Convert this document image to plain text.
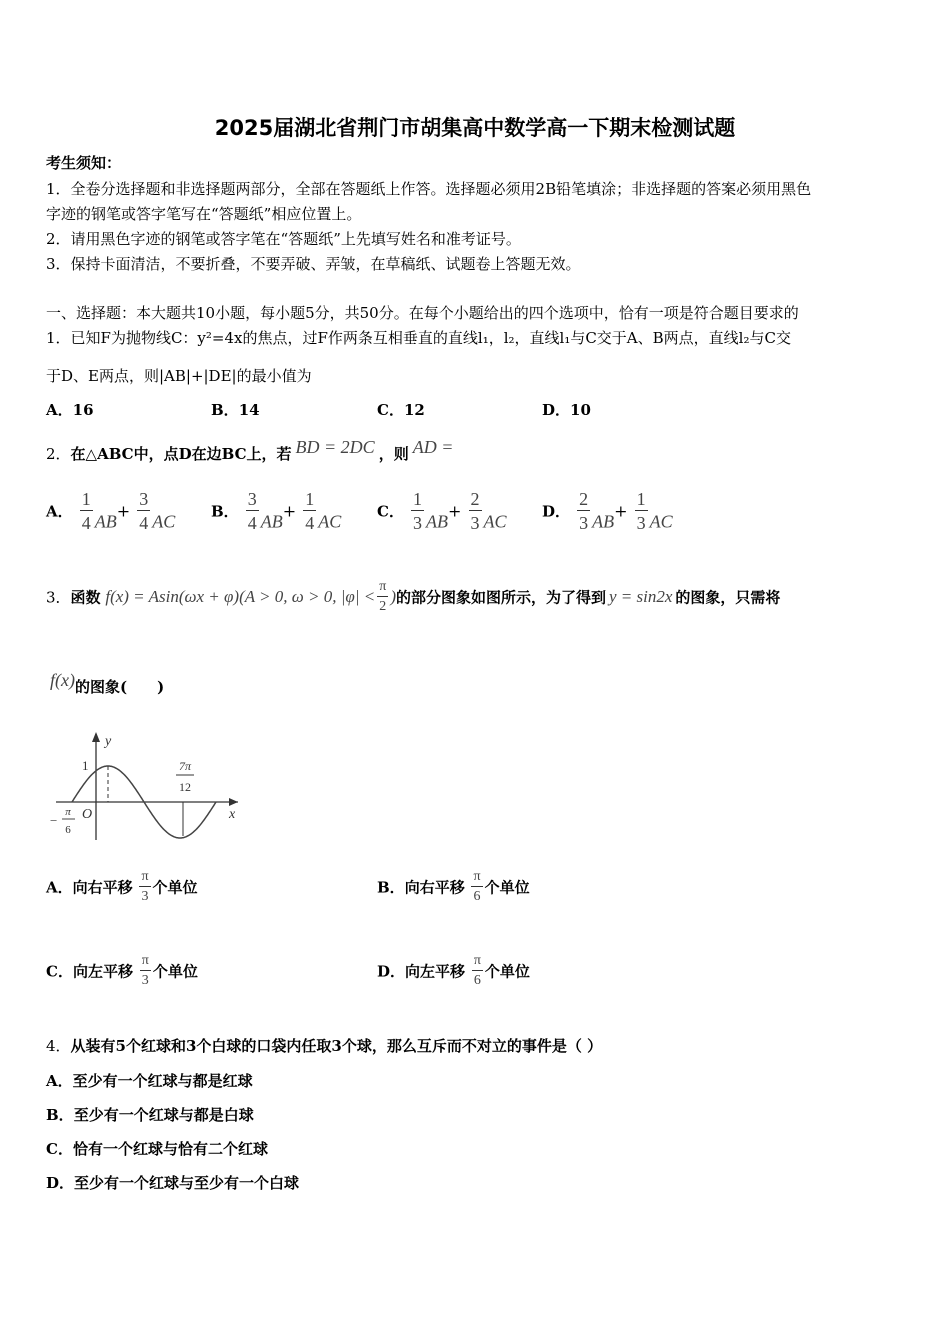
2025届湖北省荆门市胡集高中数学高一下期末检测试题
考生须知：
1．全卷分选择题和非选择题两部分，全部在答题纸上作答。选择题必须用2B铅笔填涂；非选择题的答案必须用黑色
字迹的钢笔或答字笔写在“答题纸”相应位置上。
2．请用黑色字迹的钢笔或答字笔在“答题纸”上先填写姓名和准考证号。
3．保持卡面清洁，不要折叠，不要弄破、弄皱，在草稿纸、试题卷上答题无效。
一、选择题：本大题共10小题，每小题5分，共50分。在每个小题给出的四个选项中，恰有一项是符合题目要求的
1．已知F为抛物线C：y²=4x的焦点，过F作两条互相垂直的直线l₁，l₂，直线l₁与C交于A、B两点，直线l₂与C交
于D、E两点，则|AB|+|DE|的最小值为
A．16	B．14	C．12	D．10
2．在△ABC中，点D在边BC上，若 BD = 2DC ，则 AD =
A． $\frac{1}{4} AB+ \frac{3}{4}$ AC B． $\frac{3}{4} AB+ \frac{1}{4}$ AC C． $\frac{1}{3} AB+ \frac{2}{3}$ AC D． $\frac{2}{3} AB+ \frac{1}{3}$ AC
3．函数 f(x) = Asin(ωx + φ)(A > 0, ω > 0, $|\varphi| < \frac{\pi}{2}$ )的部分图象如图所示，为了得到 y = sin2x 的图象，只需将
f(x)的图象(　　)
y
x
O
1	7π
12
−
π
6
A．向右平移 $\frac{\pi}{3}$ 个单位	B．向右平移 $\frac{\pi}{6}$ 个单位
C．向左平移 $\frac{\pi}{3}$ 个单位	D．向左平移 $\frac{\pi}{6}$ 个单位
4．从装有5个红球和3个白球的口袋内任取3个球，那么互斥而不对立的事件是（ ）
A．至少有一个红球与都是红球
B．至少有一个红球与都是白球
C．恰有一个红球与恰有二个红球
D．至少有一个红球与至少有一个白球
